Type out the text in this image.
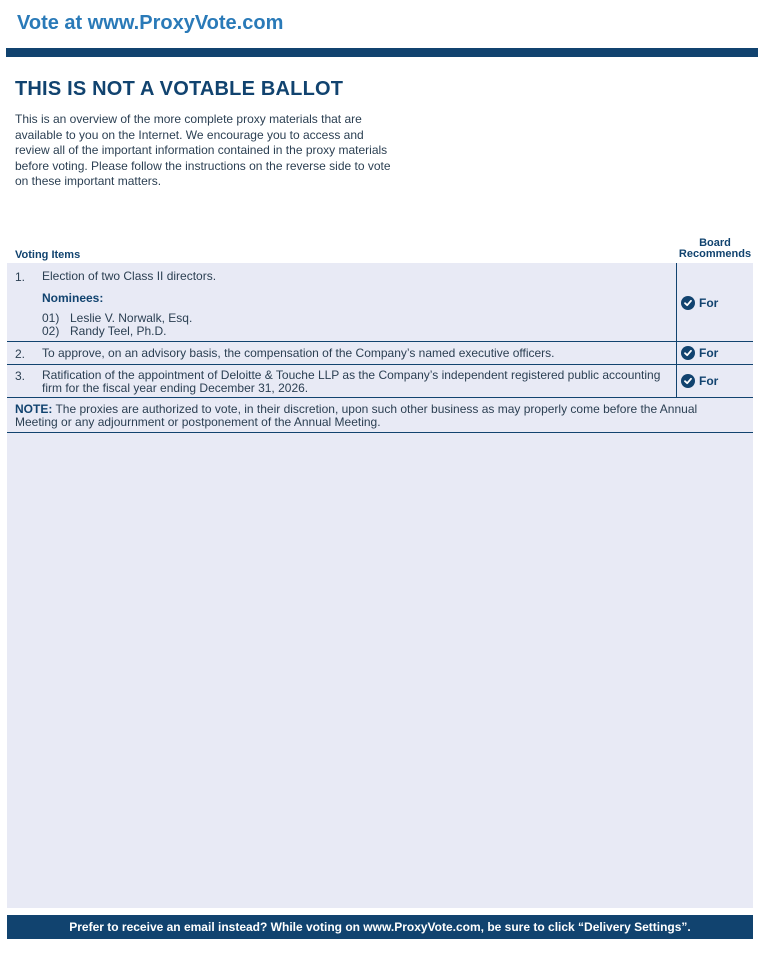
Vote at www.ProxyVote.com
THIS IS NOT A VOTABLE BALLOT
This is an overview of the more complete proxy materials that are available to you on the Internet. We encourage you to access and review all of the important information contained in the proxy materials before voting. Please follow the instructions on the reverse side to vote on these important matters.
Voting Items
Board
Recommends
1. Election of two Class II directors.
Nominees:
01) Leslie V. Norwalk, Esq.
02) Randy Teel, Ph.D.
For
2. To approve, on an advisory basis, the compensation of the Company’s named executive officers.	For
3. Ratification of the appointment of Deloitte & Touche LLP as the Company’s independent registered public accounting firm for the fiscal year ending December 31, 2026.	For
NOTE: The proxies are authorized to vote, in their discretion, upon such other business as may properly come before the Annual Meeting or any adjournment or postponement of the Annual Meeting.
Prefer to receive an email instead? While voting on www.ProxyVote.com, be sure to click “Delivery Settings”.
